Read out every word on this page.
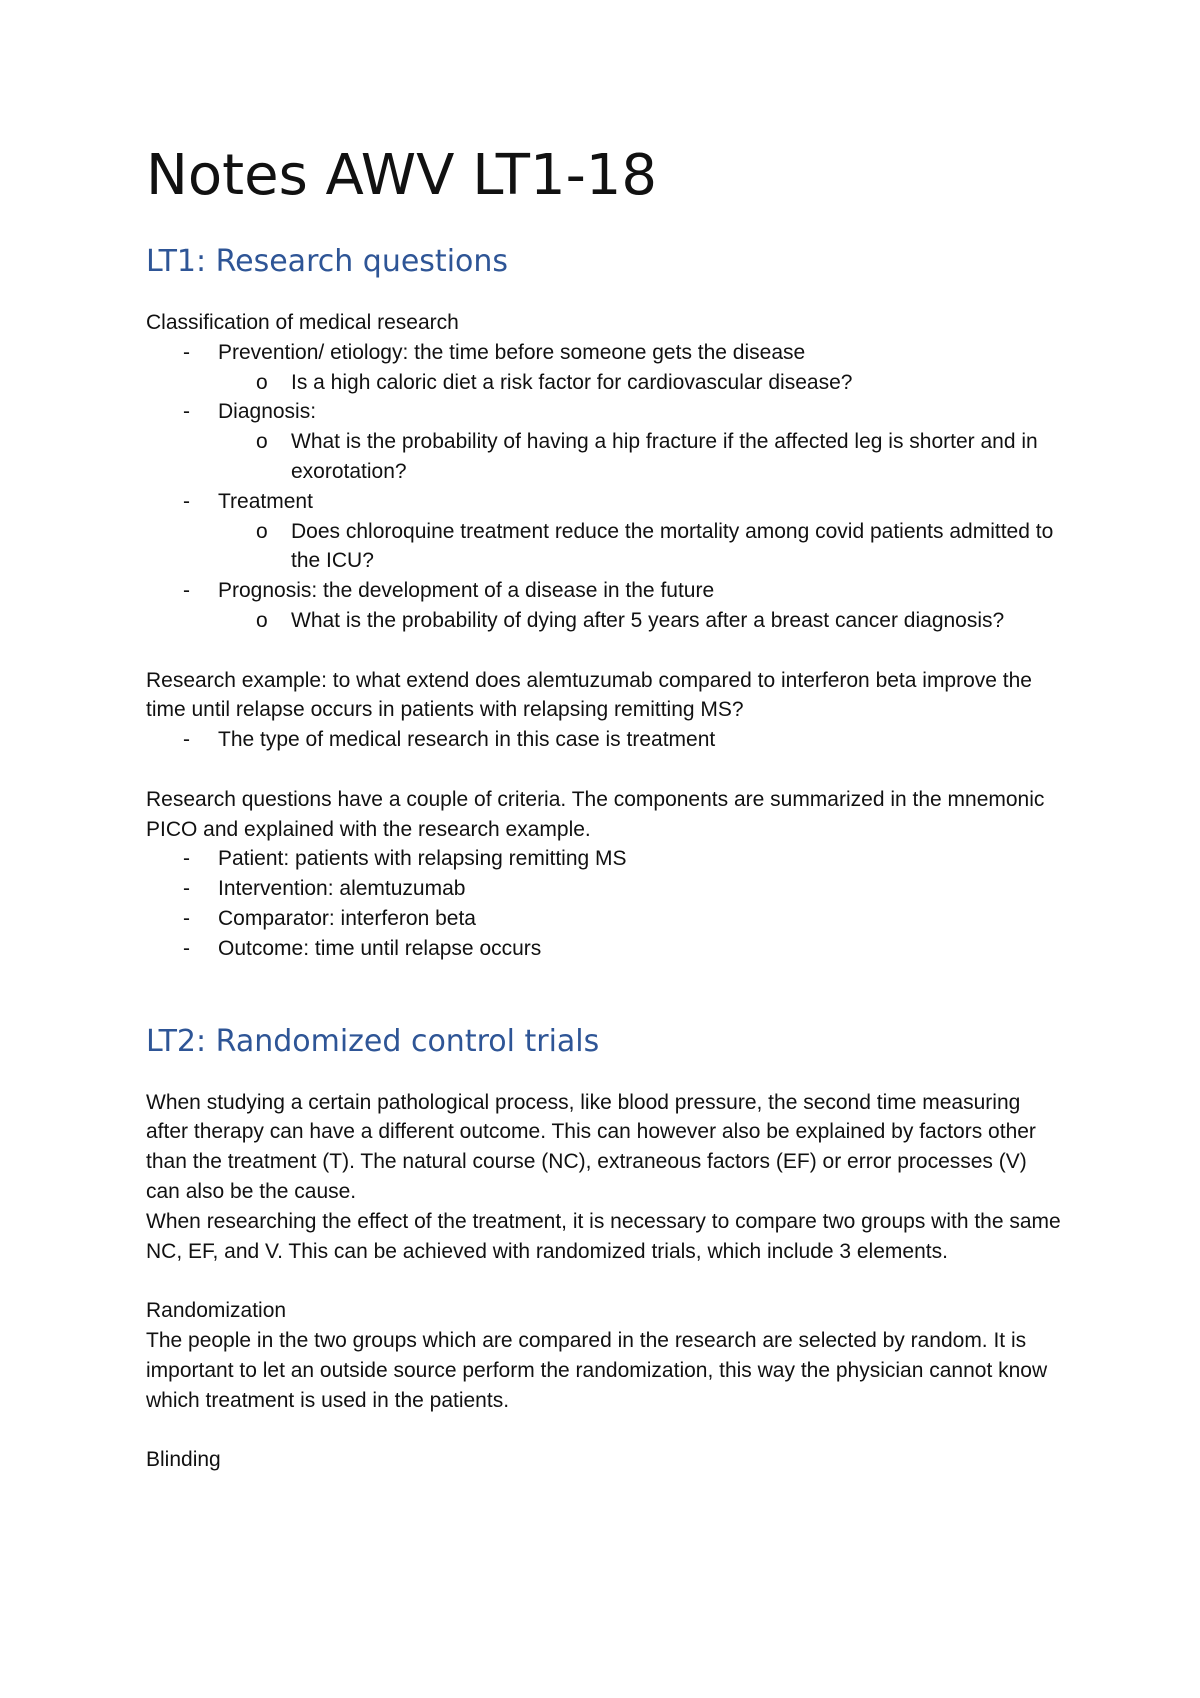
Notes AWV LT1-18
LT1: Research questions

Classification of medical research

- Prevention/ etiology: the time before someone gets the disease
o Is a high caloric diet a risk factor for cardiovascular disease?
- Diagnosis:
o What is the probability of having a hip fracture if the affected leg is shorter and in exorotation?
- Treatment
o Does chloroquine treatment reduce the mortality among covid patients admitted to the ICU?
- Prognosis: the development of a disease in the future
o What is the probability of dying after 5 years after a breast cancer diagnosis?

Research example: to what extend does alemtuzumab compared to interferon beta improve the time until relapse occurs in patients with relapsing remitting MS?

- The type of medical research in this case is treatment

Research questions have a couple of criteria. The components are summarized in the mnemonic PICO and explained with the research example.

- Patient: patients with relapsing remitting MS
- Intervention: alemtuzumab
- Comparator: interferon beta
- Outcome: time until relapse occurs
LT2: Randomized control trials

When studying a certain pathological process, like blood pressure, the second time measuring after therapy can have a different outcome. This can however also be explained by factors other than the treatment (T). The natural course (NC), extraneous factors (EF) or error processes (V) can also be the cause.

When researching the effect of the treatment, it is necessary to compare two groups with the same NC, EF, and V. This can be achieved with randomized trials, which include 3 elements.

Randomization

The people in the two groups which are compared in the research are selected by random. It is important to let an outside source perform the randomization, this way the physician cannot know which treatment is used in the patients.

Blinding
